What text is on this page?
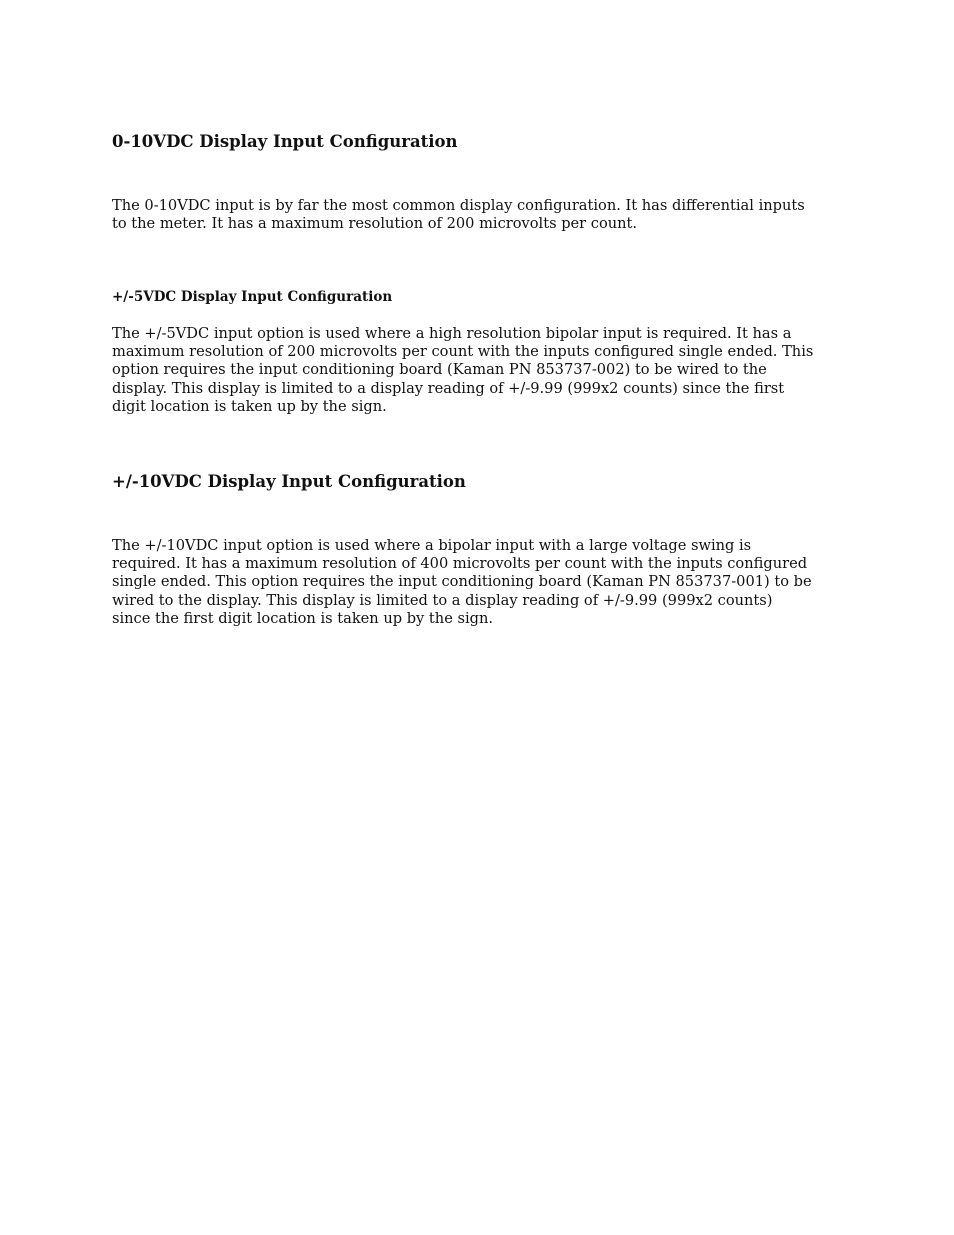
0-10VDC Display Input Configuration

The 0-10VDC input is by far the most common display configuration. It has differential inputs
to the meter. It has a maximum resolution of 200 microvolts per count.

+/-5VDC Display Input Configuration

The +/-5VDC input option is used where a high resolution bipolar input is required. It has a
maximum resolution of 200 microvolts per count with the inputs configured single ended. This
option requires the input conditioning board (Kaman PN 853737-002) to be wired to the
display. This display is limited to a display reading of +/-9.99 (999x2 counts) since the first
digit location is taken up by the sign.

+/-10VDC Display Input Configuration

The +/-10VDC input option is used where a bipolar input with a large voltage swing is
required. It has a maximum resolution of 400 microvolts per count with the inputs configured
single ended. This option requires the input conditioning board (Kaman PN 853737-001) to be
wired to the display. This display is limited to a display reading of +/-9.99 (999x2 counts)
since the first digit location is taken up by the sign.
